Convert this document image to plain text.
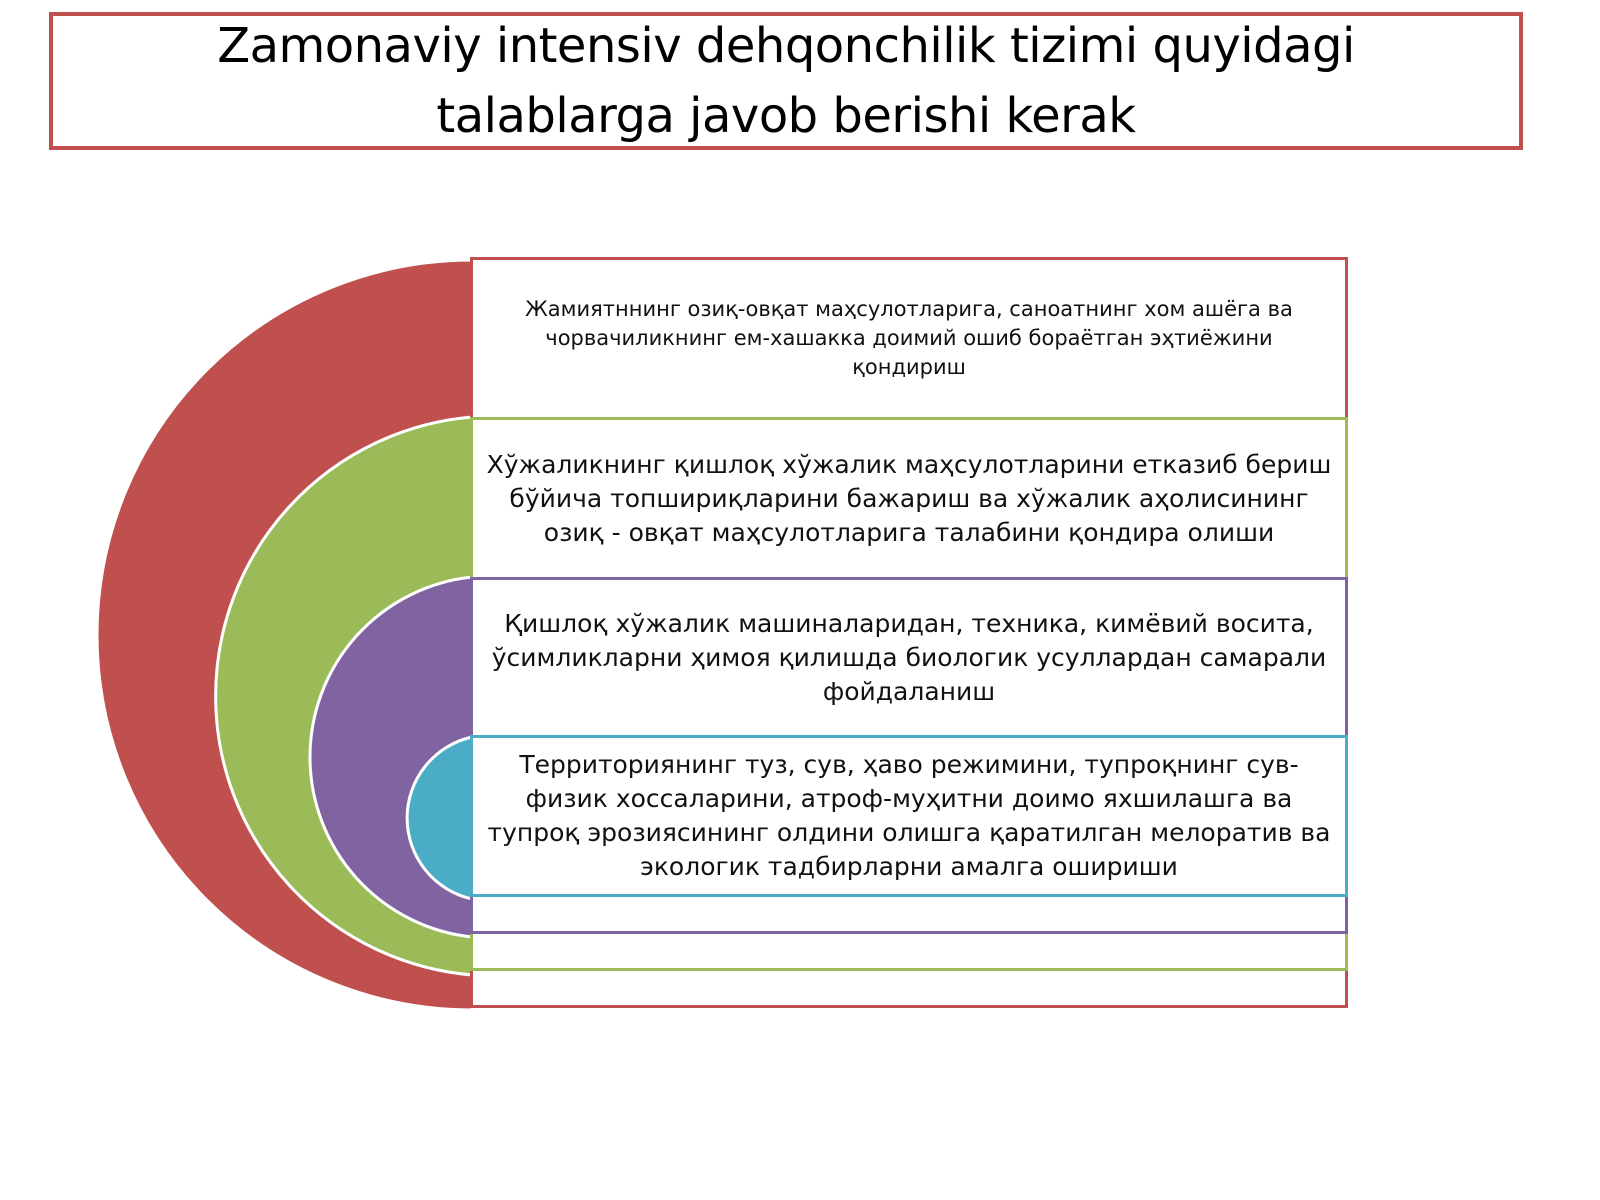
Zamonaviy intensiv dehqonchilik tizimi quyidagi
talablarga javob berishi kerak
Жамиятннинг озиқ-овқат маҳсулотларига, саноатнинг хом ашёга ва чорвачиликнинг ем-хашакка доимий ошиб бораётган эҳтиёжини қондириш
Хўжаликнинг қишлоқ хўжалик маҳсулотларини етказиб бериш бўйича топшириқларини бажариш ва хўжалик аҳолисининг озиқ - овқат маҳсулотларига талабини қондира олиши
Қишлоқ хўжалик машиналаридан, техника, кимёвий восита, ўсимликларни ҳимоя қилишда биологик усуллардан самарали фойдаланиш
Территориянинг туз, сув, ҳаво режимини, тупроқнинг сув-физик хоссаларини, атроф-муҳитни доимо яхшилашга ва тупроқ эрозиясининг олдини олишга қаратилган мелоратив ва экологик тадбирларни амалга ошириши
